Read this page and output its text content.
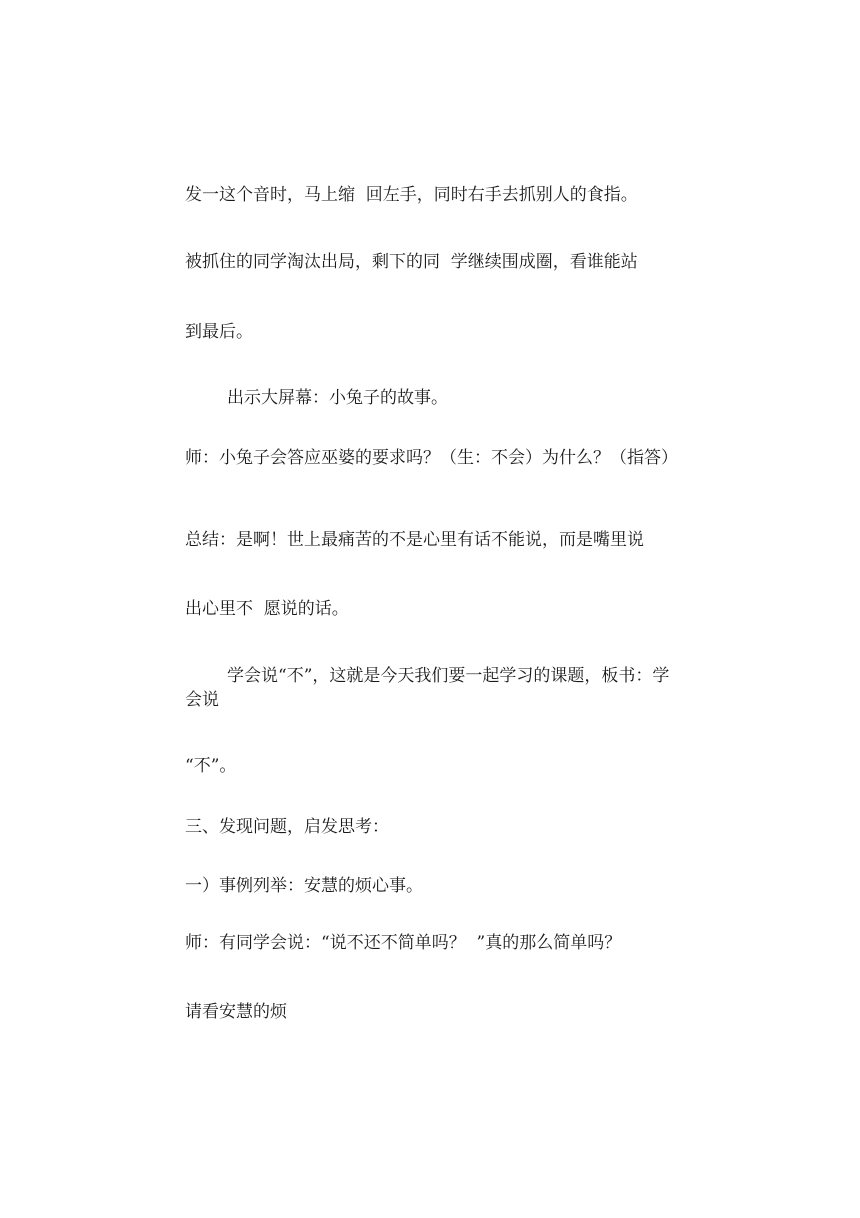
发一这个音时，马上缩  回左手，同时右手去抓别人的食指。
被抓住的同学淘汰出局，剩下的同  学继续围成圈，看谁能站
到最后。
出示大屏幕：小兔子的故事。
师：小兔子会答应巫婆的要求吗？（生：不会）为什么？（指答）
总结：是啊！世上最痛苦的不是心里有话不能说，而是嘴里说
出心里不  愿说的话。
学会说“不”，这就是今天我们要一起学习的课题，板书：学会说
“不”。
三、发现问题，启发思考：
一）事例列举：安慧的烦心事。
师：有同学会说：“说不还不简单吗？  ”真的那么简单吗？
请看安慧的烦
